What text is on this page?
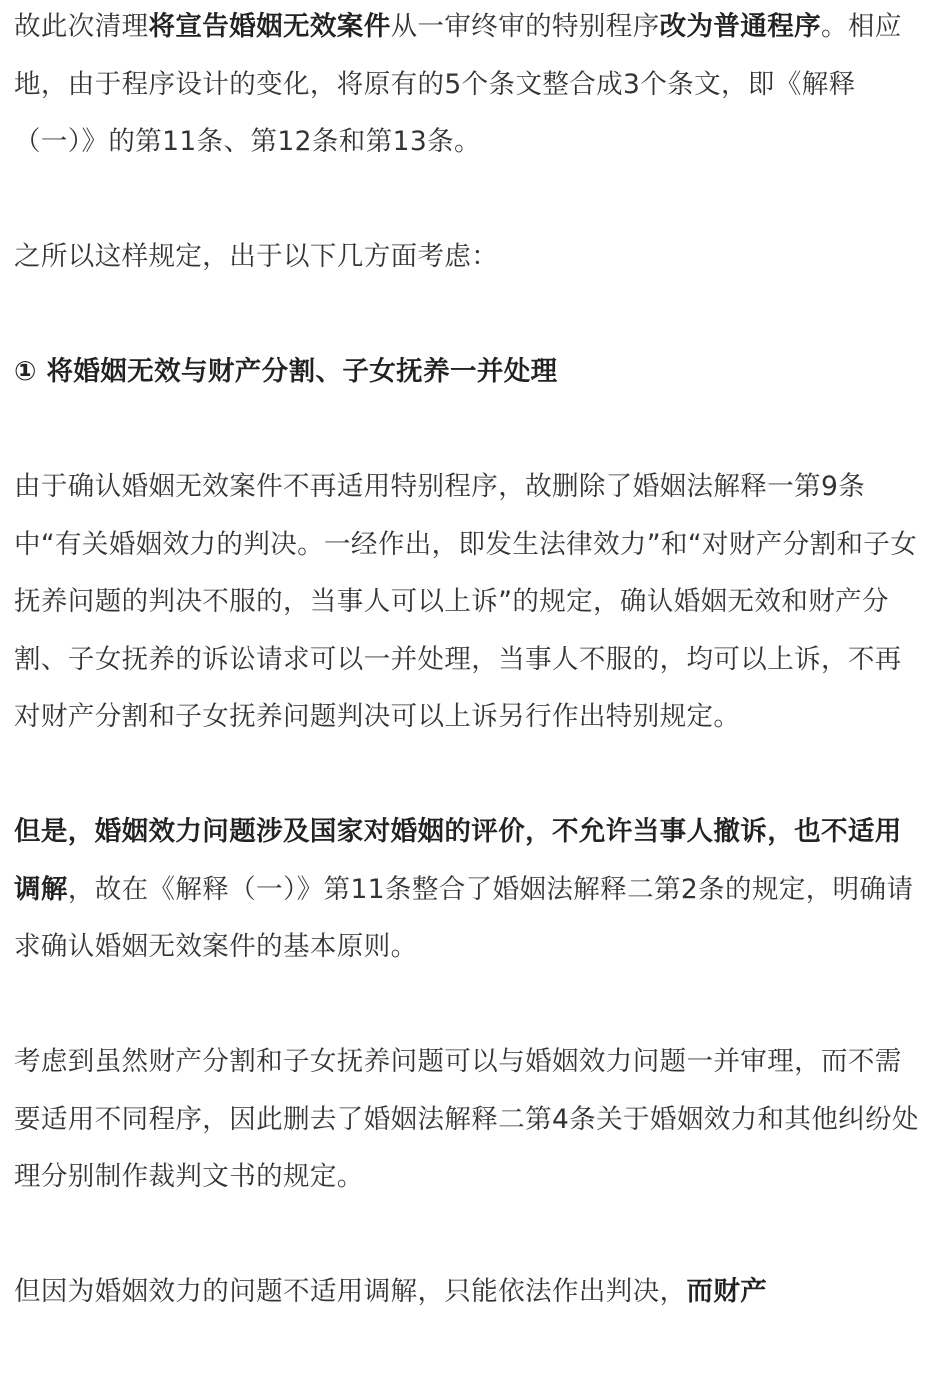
故此次清理将宣告婚姻无效案件从一审终审的特别程序改为普通程序。相应地，由于程序设计的变化，将原有的5个条文整合成3个条文，即《解释（一）》的第11条、第12条和第13条。

之所以这样规定，出于以下几方面考虑：

① 将婚姻无效与财产分割、子女抚养一并处理

由于确认婚姻无效案件不再适用特别程序，故删除了婚姻法解释一第9条中“有关婚姻效力的判决。一经作出，即发生法律效力”和“对财产分割和子女抚养问题的判决不服的，当事人可以上诉”的规定，确认婚姻无效和财产分割、子女抚养的诉讼请求可以一并处理，当事人不服的，均可以上诉，不再对财产分割和子女抚养问题判决可以上诉另行作出特别规定。

但是，婚姻效力问题涉及国家对婚姻的评价，不允许当事人撤诉，也不适用调解，故在《解释（一）》第11条整合了婚姻法解释二第2条的规定，明确请求确认婚姻无效案件的基本原则。

考虑到虽然财产分割和子女抚养问题可以与婚姻效力问题一并审理，而不需要适用不同程序，因此删去了婚姻法解释二第4条关于婚姻效力和其他纠纷处理分别制作裁判文书的规定。

但因为婚姻效力的问题不适用调解，只能依法作出判决，而财产
